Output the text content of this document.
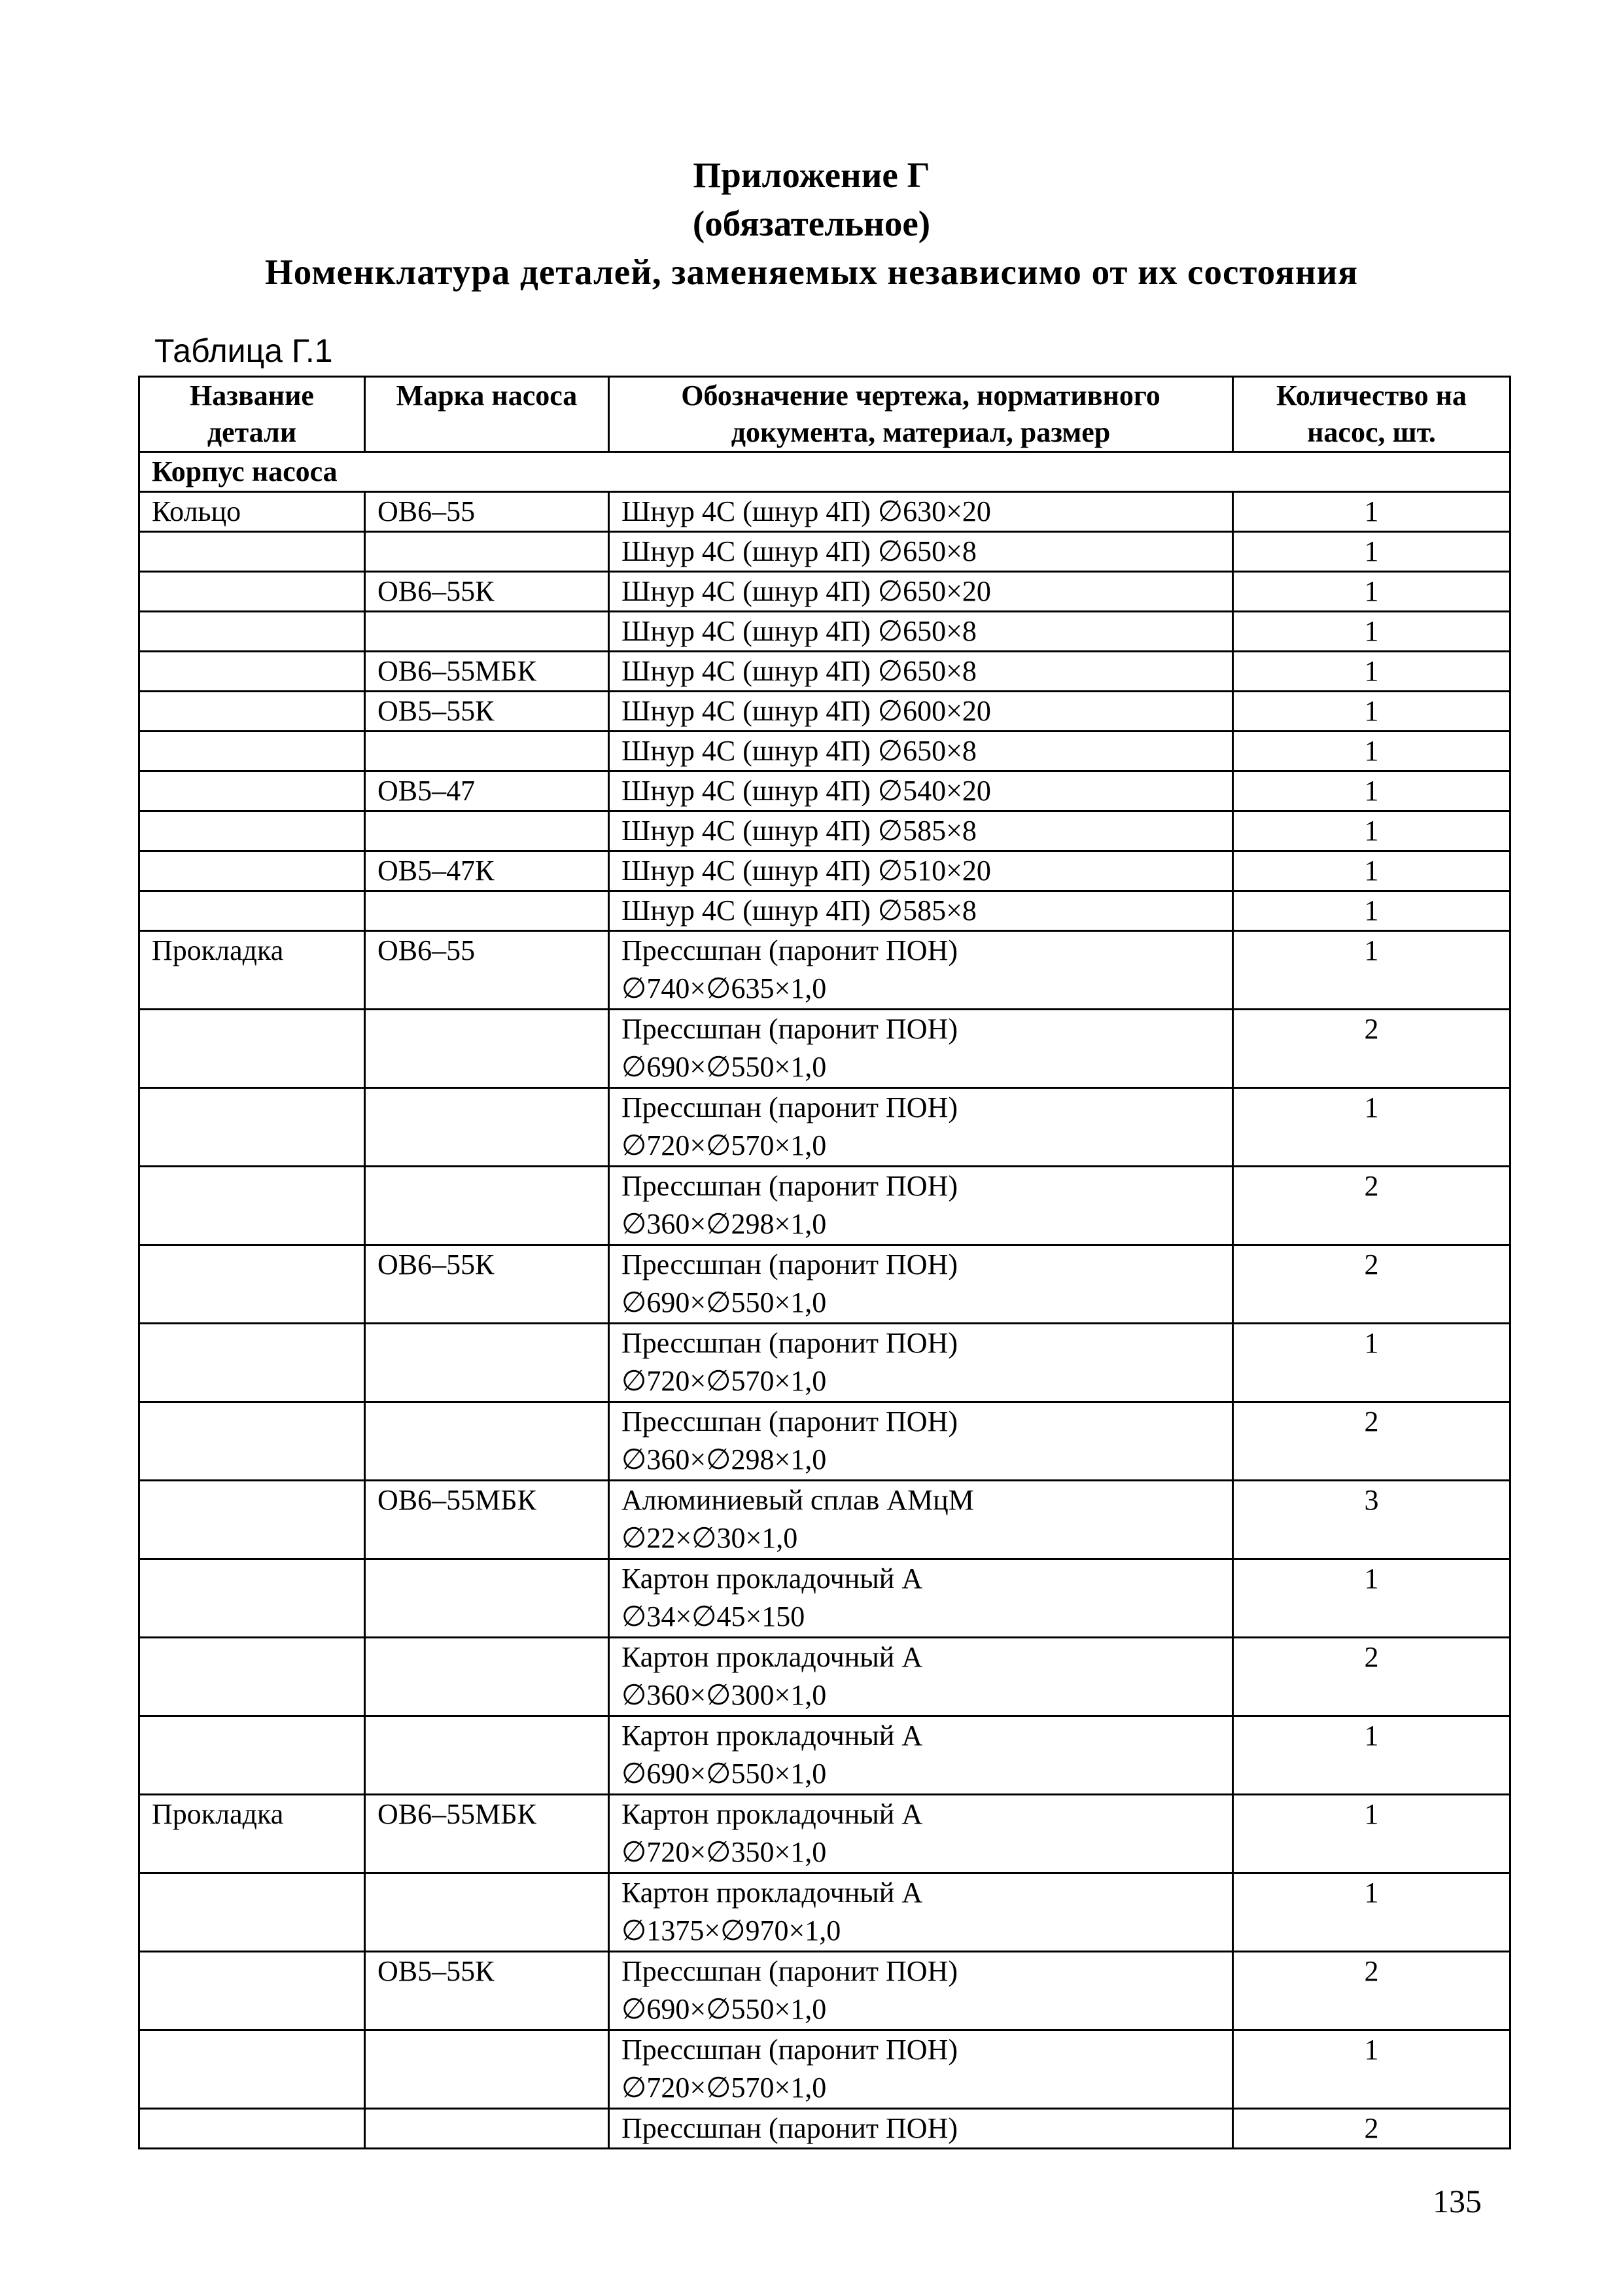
Приложение Г
(обязательное)
Номенклатура деталей, заменяемых независимо от их состояния
Таблица Г.1
Название детали	Марка насоса	Обозначение чертежа, нормативного документа, материал, размер	Количество на насос, шт.
Корпус насоса			
Кольцо	ОВ6–55	Шнур 4С (шнур 4П) ∅630×20	1

		Шнур 4С (шнур 4П) ∅650×8	1
	ОВ6–55К	Шнур 4С (шнур 4П) ∅650×20	1

		Шнур 4С (шнур 4П) ∅650×8	1
	ОВ6–55МБК	Шнур 4С (шнур 4П) ∅650×8	1
	ОВ5–55К	Шнур 4С (шнур 4П) ∅600×20	1

		Шнур 4С (шнур 4П) ∅650×8	1
	ОВ5–47	Шнур 4С (шнур 4П) ∅540×20	1

		Шнур 4С (шнур 4П) ∅585×8	1
	ОВ5–47К	Шнур 4С (шнур 4П) ∅510×20	1

		Шнур 4С (шнур 4П) ∅585×8	1
Прокладка	ОВ6–55	Прессшпан (паронит ПОН)
∅740×∅635×1,0	1

		Прессшпан (паронит ПОН)
∅690×∅550×1,0	2

		Прессшпан (паронит ПОН)
∅720×∅570×1,0	1

		Прессшпан (паронит ПОН)
∅360×∅298×1,0	2
	ОВ6–55К	Прессшпан (паронит ПОН)
∅690×∅550×1,0	2

		Прессшпан (паронит ПОН)
∅720×∅570×1,0	1

		Прессшпан (паронит ПОН)
∅360×∅298×1,0	2
	ОВ6–55МБК	Алюминиевый сплав АМцМ
∅22×∅30×1,0	3

		Картон прокладочный А
∅34×∅45×150	1

		Картон прокладочный А
∅360×∅300×1,0	2

		Картон прокладочный А
∅690×∅550×1,0	1
Прокладка	ОВ6–55МБК	Картон прокладочный А
∅720×∅350×1,0	1

		Картон прокладочный А
∅1375×∅970×1,0	1
	ОВ5–55К	Прессшпан (паронит ПОН)
∅690×∅550×1,0	2

		Прессшпан (паронит ПОН)
∅720×∅570×1,0	1

		Прессшпан (паронит ПОН)	2
135
